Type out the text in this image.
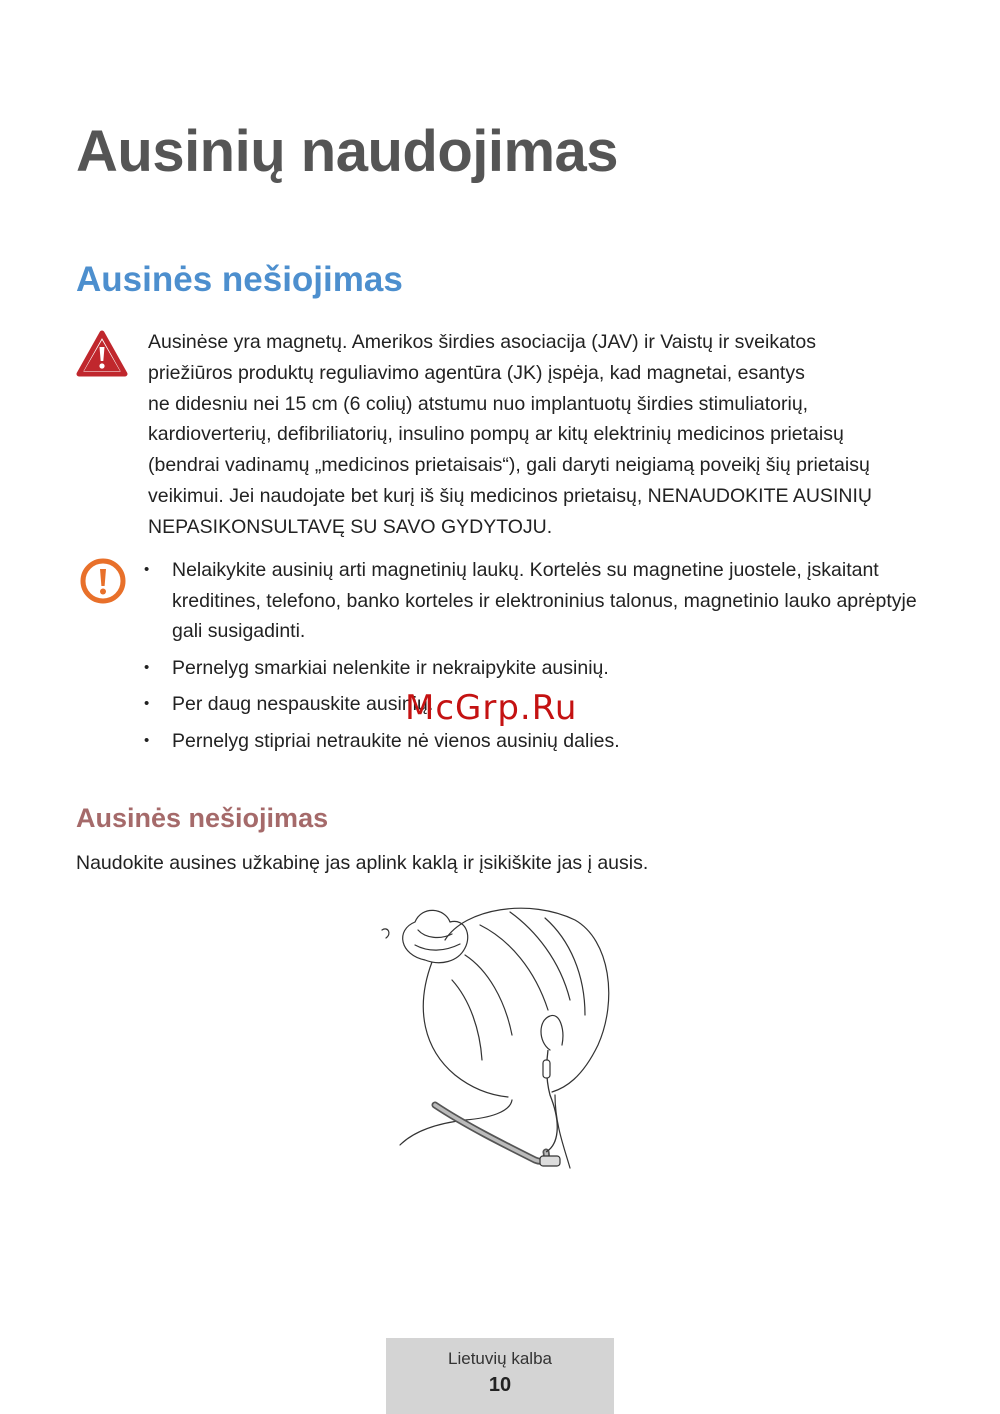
Ausinių naudojimas
Ausinės nešiojimas
Ausinėse yra magnetų. Amerikos širdies asociacija (JAV) ir Vaistų ir sveikatos
priežiūros produktų reguliavimo agentūra (JK) įspėja, kad magnetai, esantys
ne didesniu nei 15 cm (6 colių) atstumu nuo implantuotų širdies stimuliatorių,
kardioverterių, defibriliatorių, insulino pompų ar kitų elektrinių medicinos prietaisų
(bendrai vadinamų „medicinos prietaisais“), gali daryti neigiamą poveikį šių prietaisų
veikimui. Jei naudojate bet kurį iš šių medicinos prietaisų, NENAUDOKITE AUSINIŲ
NEPASIKONSULTAVĘ SU SAVO GYDYTOJU.
• Nelaikykite ausinių arti magnetinių laukų. Kortelės su magnetine juostele, įskaitant kreditines, telefono, banko korteles ir elektroninius talonus, magnetinio lauko aprėptyje gali susigadinti.
• Pernelyg smarkiai nelenkite ir nekraipykite ausinių.
• Per daug nespauskite ausinių.
• Pernelyg stipriai netraukite nė vienos ausinių dalies.
McGrp.Ru
Ausinės nešiojimas
Naudokite ausines užkabinę jas aplink kaklą ir įsikiškite jas į ausis.
Lietuvių kalba
10
